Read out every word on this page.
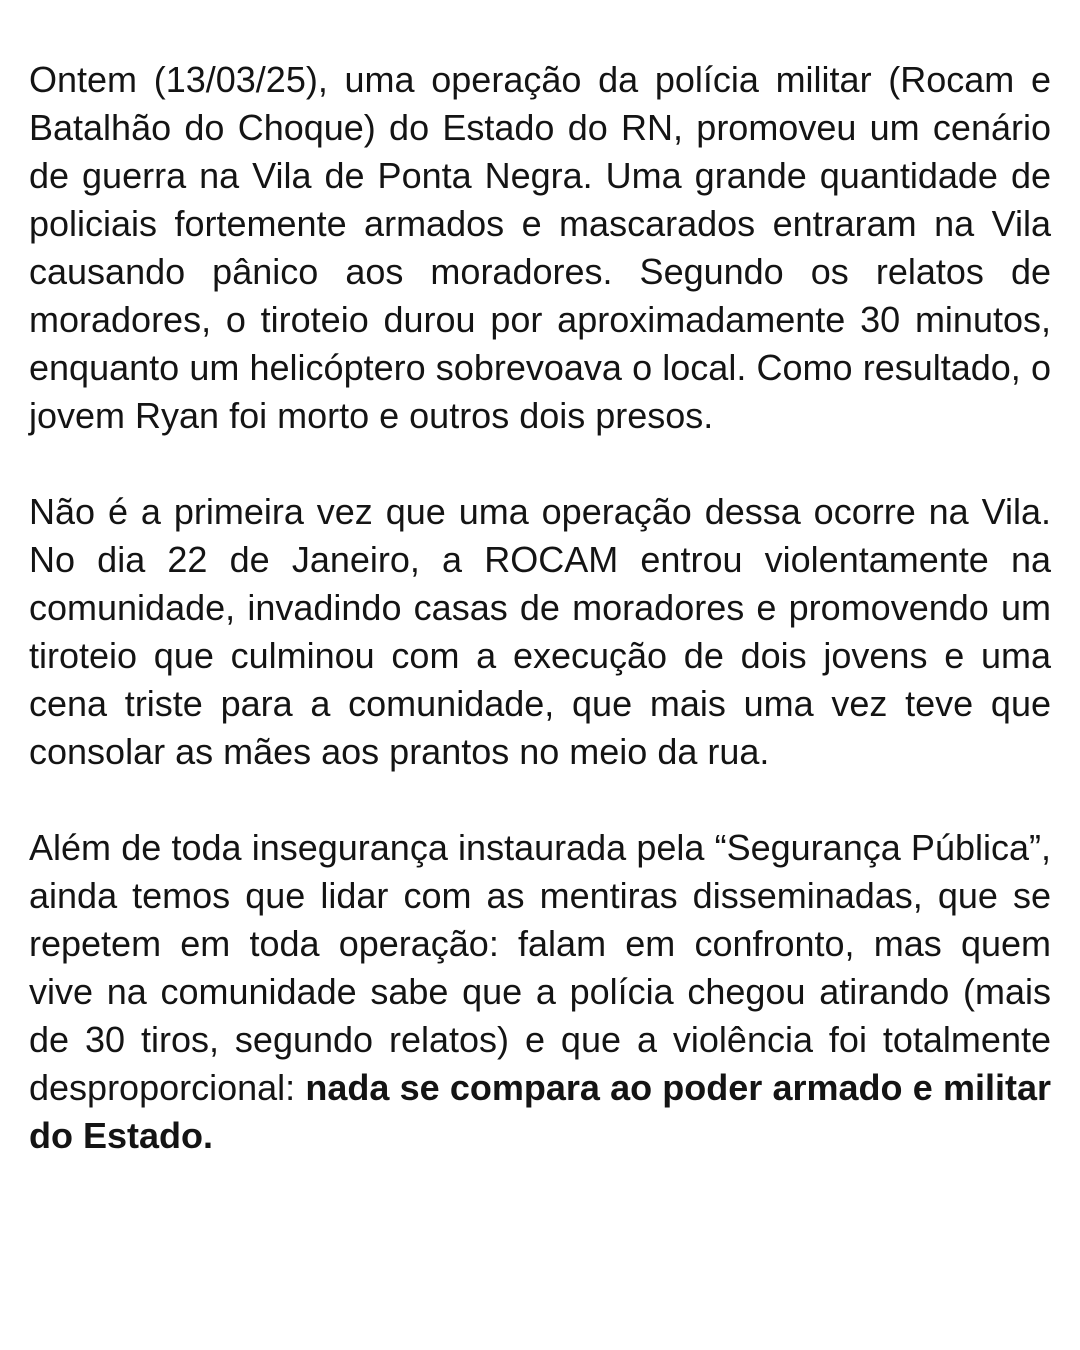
Ontem (13/03/25), uma operação da polícia militar (Rocam e Batalhão do Choque) do Estado do RN, promoveu um cenário de guerra na Vila de Ponta Negra. Uma grande quantidade de policiais fortemente armados e mascarados entraram na Vila causando pânico aos moradores. Segundo os relatos de moradores, o tiroteio durou por aproximadamente 30 minutos, enquanto um helicóptero sobrevoava o local. Como resultado, o jovem Ryan foi morto e outros dois presos.

Não é a primeira vez que uma operação dessa ocorre na Vila. No dia 22 de Janeiro, a ROCAM entrou violentamente na comunidade, invadindo casas de moradores e promovendo um tiroteio que culminou com a execução de dois jovens e uma cena triste para a comunidade, que mais uma vez teve que consolar as mães aos prantos no meio da rua.

Além de toda insegurança instaurada pela “Segurança Pública”, ainda temos que lidar com as mentiras disseminadas, que se repetem em toda operação: falam em confronto, mas quem vive na comunidade sabe que a polícia chegou atirando (mais de 30 tiros, segundo relatos) e que a violência foi totalmente desproporcional: nada se compara ao poder armado e militar do Estado.
